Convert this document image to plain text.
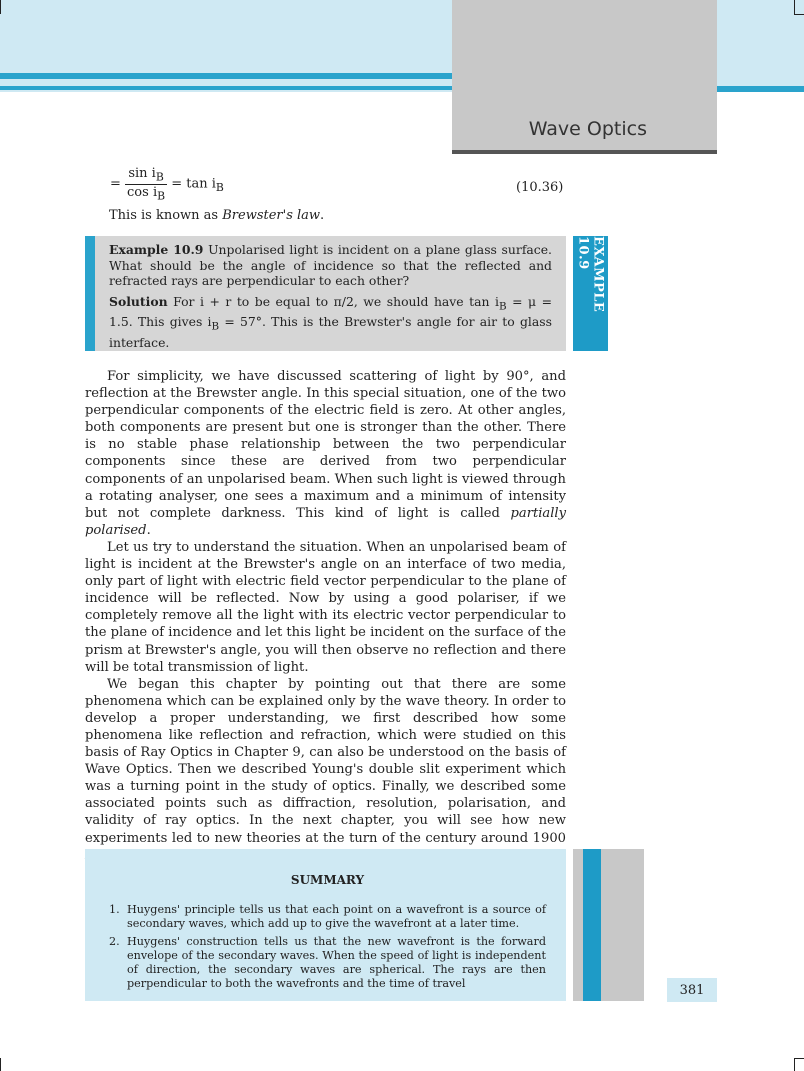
Wave Optics
= $\frac{\sin i_B}{\cos i_B} = \tan i_B$	(10.36)
This is known as Brewster's law.

Example 10.9 Unpolarised light is incident on a plane glass surface. What should be the angle of incidence so that the reflected and refracted rays are perpendicular to each other?

Solution For i + r to be equal to π/2, we should have $\tan i_B = \mu = 1.5$. This gives $i_B = 57^\circ$. This is the Brewster's angle for air to glass interface.

EXAMPLE 10.9

For simplicity, we have discussed scattering of light by 90°, and reflection at the Brewster angle. In this special situation, one of the two perpendicular components of the electric field is zero. At other angles, both components are present but one is stronger than the other. There is no stable phase relationship between the two perpendicular components since these are derived from two perpendicular components of an unpolarised beam. When such light is viewed through a rotating analyser, one sees a maximum and a minimum of intensity but not complete darkness. This kind of light is called partially polarised.

Let us try to understand the situation. When an unpolarised beam of light is incident at the Brewster's angle on an interface of two media, only part of light with electric field vector perpendicular to the plane of incidence will be reflected. Now by using a good polariser, if we completely remove all the light with its electric vector perpendicular to the plane of incidence and let this light be incident on the surface of the prism at Brewster's angle, you will then observe no reflection and there will be total transmission of light.

We began this chapter by pointing out that there are some phenomena which can be explained only by the wave theory. In order to develop a proper understanding, we first described how some phenomena like reflection and refraction, which were studied on this basis of Ray Optics in Chapter 9, can also be understood on the basis of Wave Optics. Then we described Young's double slit experiment which was a turning point in the study of optics. Finally, we described some associated points such as diffraction, resolution, polarisation, and validity of ray optics. In the next chapter, you will see how new experiments led to new theories at the turn of the century around 1900

SUMMARY
1. Huygens' principle tells us that each point on a wavefront is a source of secondary waves, which add up to give the wavefront at a later time.
2. Huygens' construction tells us that the new wavefront is the forward envelope of the secondary waves. When the speed of light is independent of direction, the secondary waves are spherical. The rays are then perpendicular to both the wavefronts and the time of travel	381
